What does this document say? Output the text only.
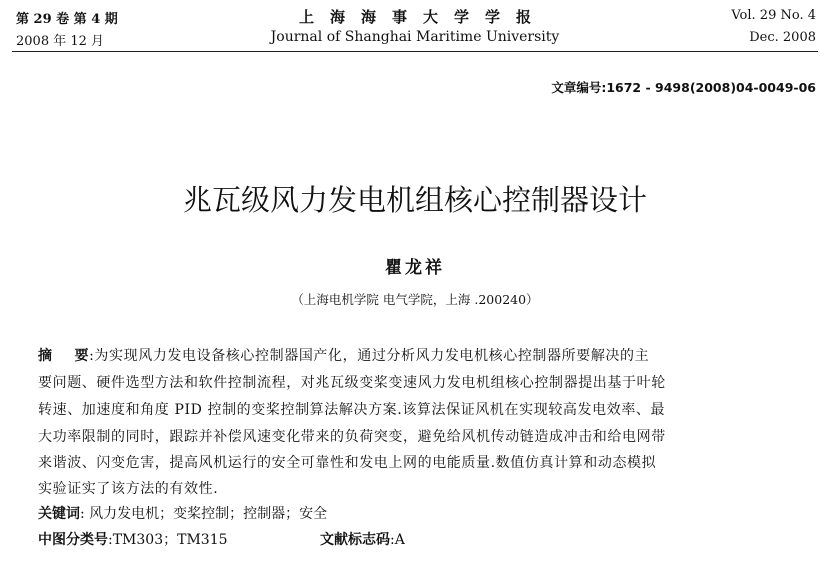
第 29 卷 第 4 期
2008 年 12 月
上海海事大学学报
Journal of Shanghai Maritime University
Vol. 29 No. 4
Dec. 2008
文章编号:1672 - 9498(2008)04-0049-06
兆瓦级风力发电机组核心控制器设计
瞿龙祥
（上海电机学院 电气学院，上海 .200240）
摘    要:为实现风力发电设备核心控制器国产化，通过分析风力发电机核心控制器所要解决的主
要问题、硬件选型方法和软件控制流程，对兆瓦级变桨变速风力发电机组核心控制器提出基于叶轮
转速、加速度和角度 PID 控制的变桨控制算法解决方案.该算法保证风机在实现较高发电效率、最
大功率限制的同时，跟踪并补偿风速变化带来的负荷突变，避免给风机传动链造成冲击和给电网带
来谐波、闪变危害，提高风机运行的安全可靠性和发电上网的电能质量.数值仿真计算和动态模拟
实验证实了该方法的有效性.
关键词: 风力发电机；变桨控制；控制器；安全
中图分类号:TM303；TM315	文献标志码:A
